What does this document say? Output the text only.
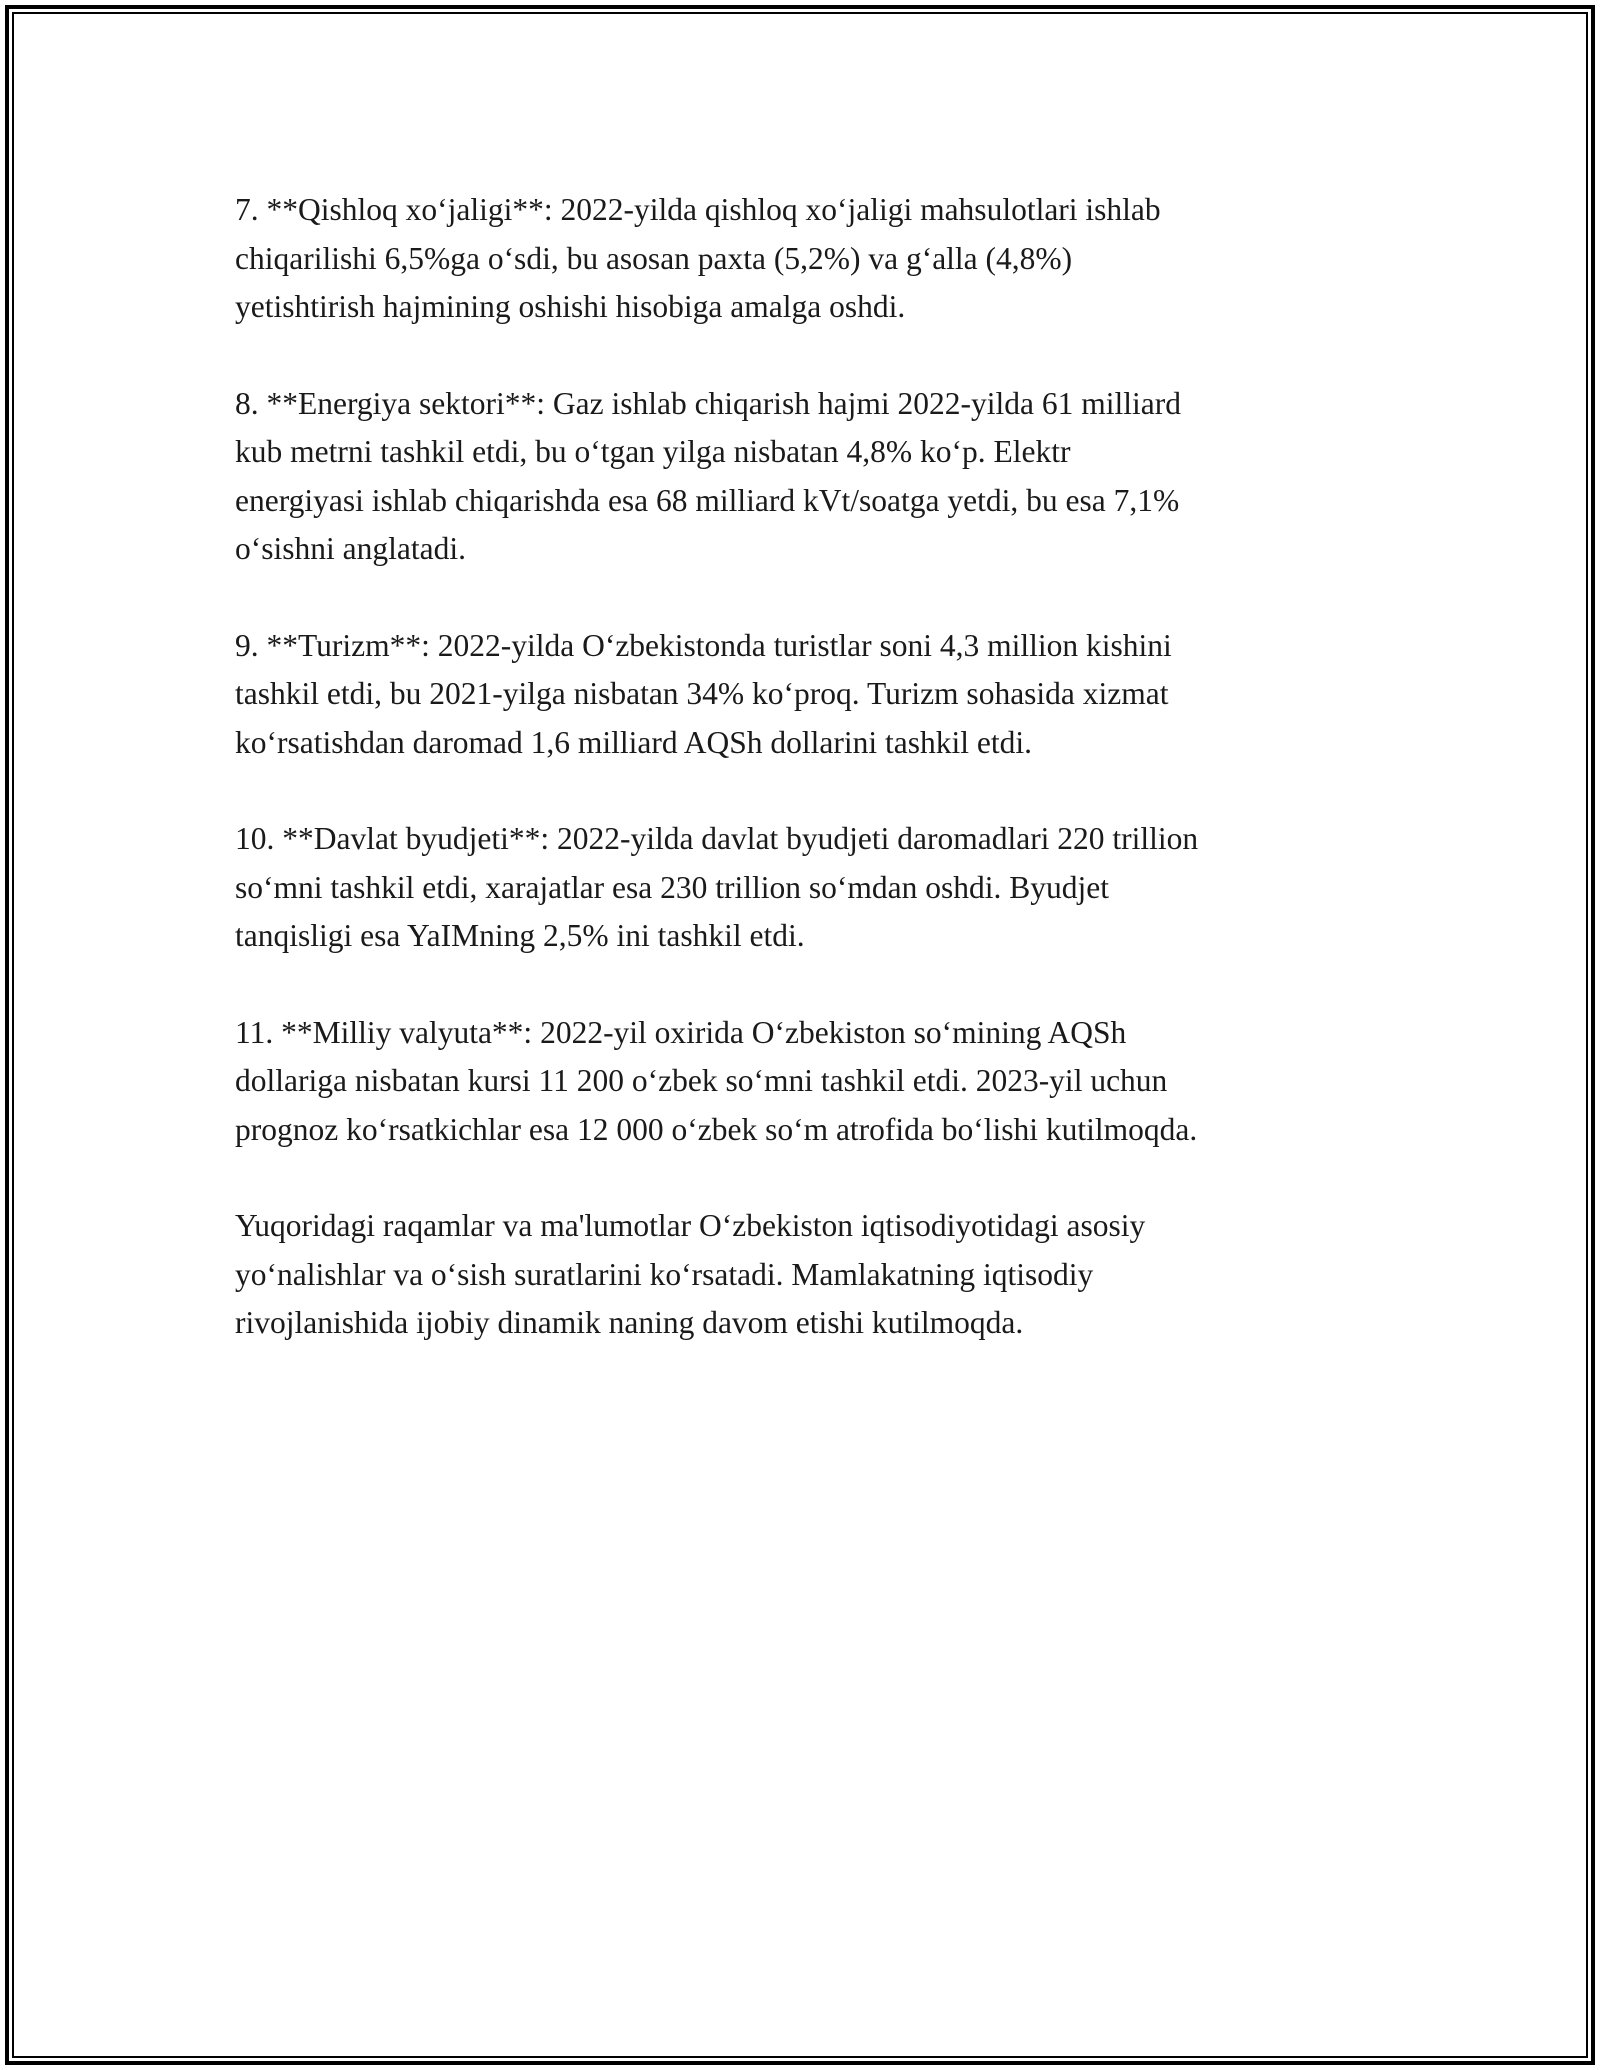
7. **Qishloq xo‘jaligi**: 2022-yilda qishloq xo‘jaligi mahsulotlari ishlab
chiqarilishi 6,5%ga o‘sdi, bu asosan paxta (5,2%) va g‘alla (4,8%)
yetishtirish hajmining oshishi hisobiga amalga oshdi.

8. **Energiya sektori**: Gaz ishlab chiqarish hajmi 2022-yilda 61 milliard
kub metrni tashkil etdi, bu o‘tgan yilga nisbatan 4,8% ko‘p. Elektr
energiyasi ishlab chiqarishda esa 68 milliard kVt/soatga yetdi, bu esa 7,1%
o‘sishni anglatadi.

9. **Turizm**: 2022-yilda O‘zbekistonda turistlar soni 4,3 million kishini
tashkil etdi, bu 2021-yilga nisbatan 34% ko‘proq. Turizm sohasida xizmat
ko‘rsatishdan daromad 1,6 milliard AQSh dollarini tashkil etdi.

10. **Davlat byudjeti**: 2022-yilda davlat byudjeti daromadlari 220 trillion
so‘mni tashkil etdi, xarajatlar esa 230 trillion so‘mdan oshdi. Byudjet
tanqisligi esa YaIMning 2,5% ini tashkil etdi.

11. **Milliy valyuta**: 2022-yil oxirida O‘zbekiston so‘mining AQSh
dollariga nisbatan kursi 11 200 o‘zbek so‘mni tashkil etdi. 2023-yil uchun
prognoz ko‘rsatkichlar esa 12 000 o‘zbek so‘m atrofida bo‘lishi kutilmoqda.

Yuqoridagi raqamlar va ma'lumotlar O‘zbekiston iqtisodiyotidagi asosiy
yo‘nalishlar va o‘sish suratlarini ko‘rsatadi. Mamlakatning iqtisodiy
rivojlanishida ijobiy dinamik naning davom etishi kutilmoqda.
